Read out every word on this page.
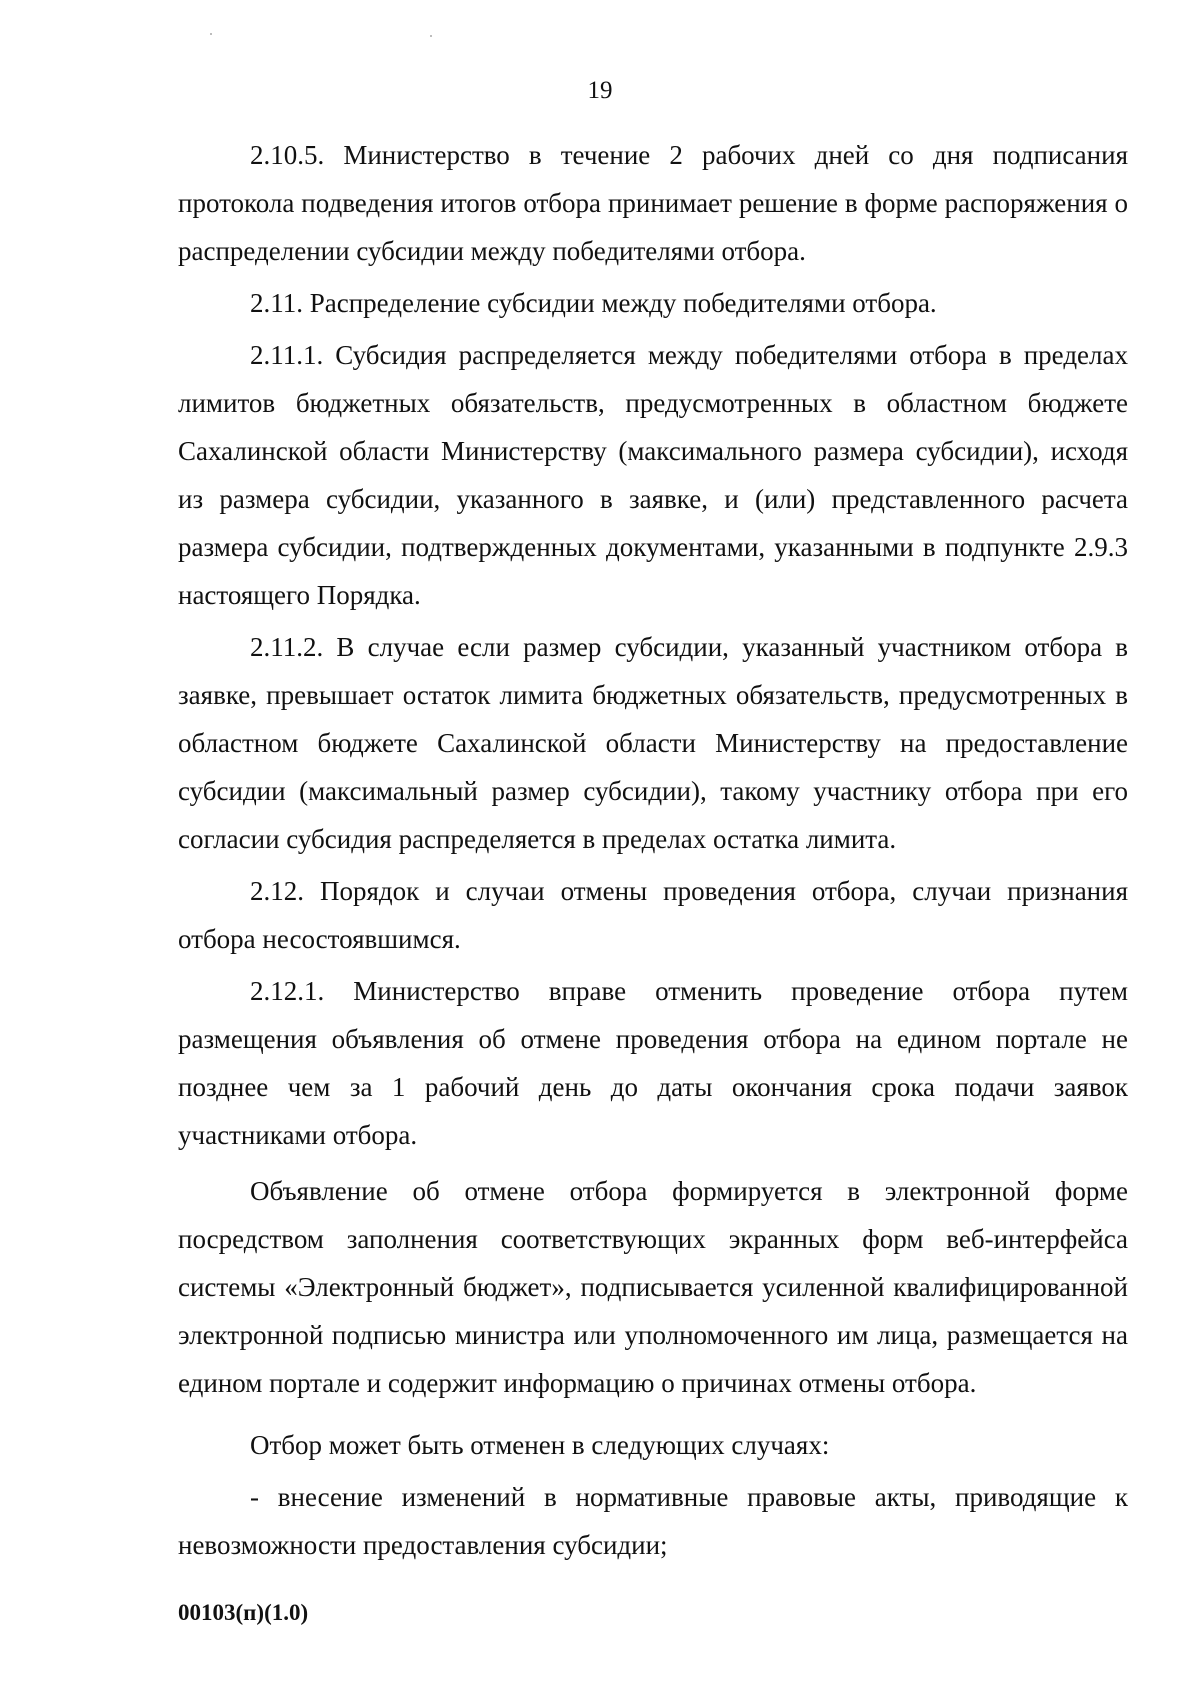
19

2.10.5. Министерство в течение 2 рабочих дней со дня подписания протокола подведения итогов отбора принимает решение в форме распоряжения о распределении субсидии между победителями отбора.

2.11. Распределение субсидии между победителями отбора.

2.11.1. Субсидия распределяется между победителями отбора в пределах лимитов бюджетных обязательств, предусмотренных в областном бюджете Сахалинской области Министерству (максимального размера субсидии), исходя из размера субсидии, указанного в заявке, и (или) представленного расчета размера субсидии, подтвержденных документами, указанными в подпункте 2.9.3 настоящего Порядка.

2.11.2. В случае если размер субсидии, указанный участником отбора в заявке, превышает остаток лимита бюджетных обязательств, предусмотренных в областном бюджете Сахалинской области Министерству на предоставление субсидии (максимальный размер субсидии), такому участнику отбора при его согласии субсидия распределяется в пределах остатка лимита.

2.12. Порядок и случаи отмены проведения отбора, случаи признания отбора несостоявшимся.

2.12.1. Министерство вправе отменить проведение отбора путем размещения объявления об отмене проведения отбора на едином портале не позднее чем за 1 рабочий день до даты окончания срока подачи заявок участниками отбора.

Объявление об отмене отбора формируется в электронной форме посредством заполнения соответствующих экранных форм веб-интерфейса системы «Электронный бюджет», подписывается усиленной квалифицированной электронной подписью министра или уполномоченного им лица, размещается на едином портале и содержит информацию о причинах отмены отбора.

Отбор может быть отменен в следующих случаях:

- внесение изменений в нормативные правовые акты, приводящие к невозможности предоставления субсидии;

00103(п)(1.0)
